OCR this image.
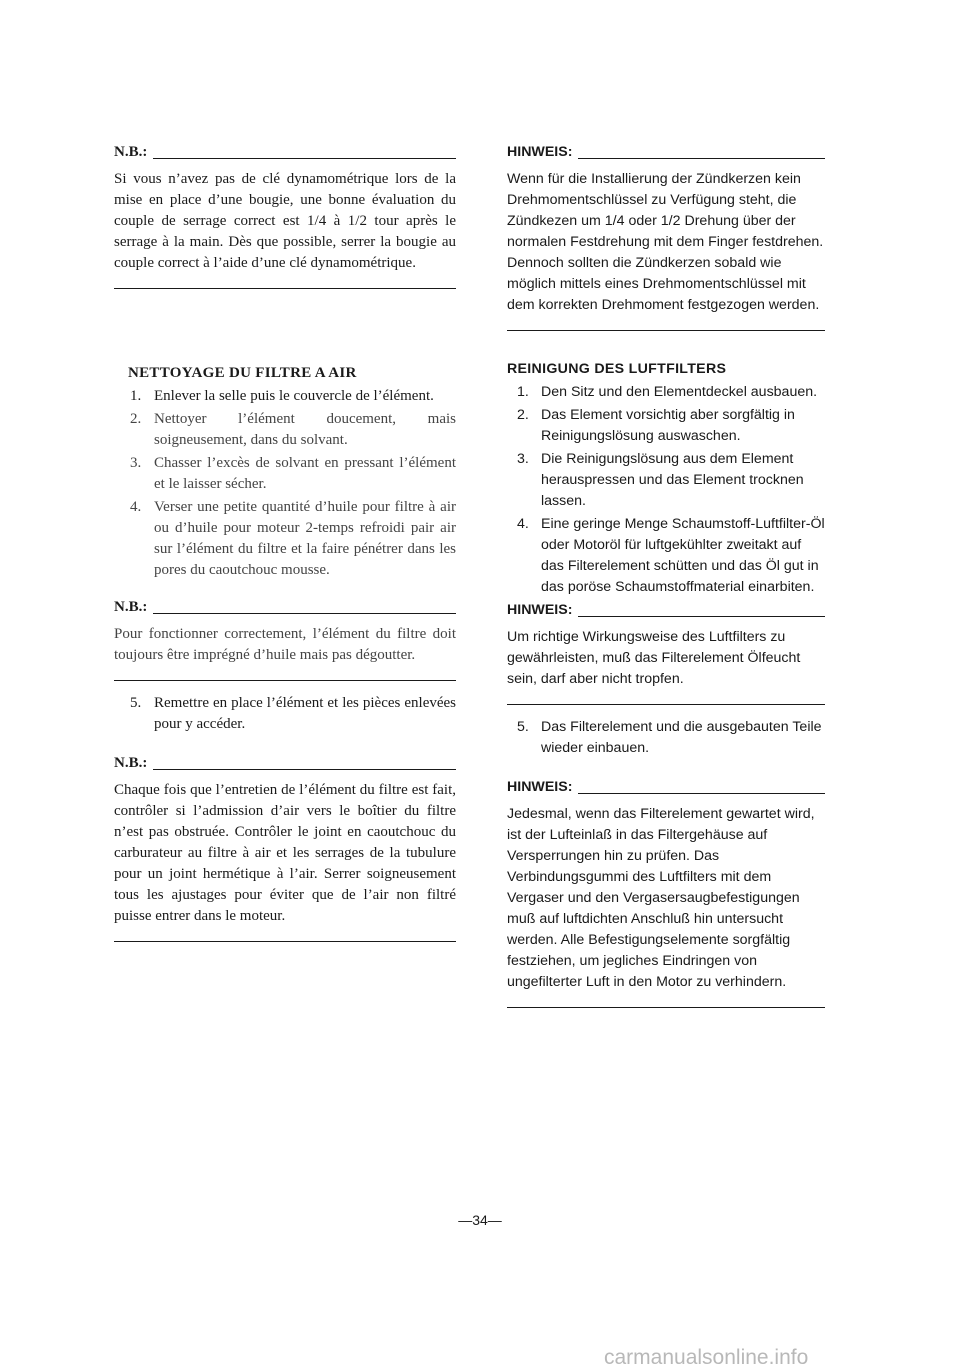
N.B.:

Si vous n’avez pas de clé dynamométrique lors de la mise en place d’une bougie, une bonne évaluation du couple de serrage correct est 1/4 à 1/2 tour après le serrage à la main. Dès que possible, serrer la bougie au couple correct à l’aide d’une clé dynamométrique.

NETTOYAGE DU FILTRE A AIR
1. Enlever la selle puis le couvercle de l’élément.
2. Nettoyer l’élément doucement, mais soigneusement, dans du solvant.
3. Chasser l’excès de solvant en pressant l’élément et le laisser sécher.
4. Verser une petite quantité d’huile pour filtre à air ou d’huile pour moteur 2-temps refroidi pair air sur l’élément du filtre et la faire pénétrer dans les pores du caoutchouc mousse.
N.B.:

Pour fonctionner correctement, l’élément du filtre doit toujours être imprégné d’huile mais pas dégoutter.

5. Remettre en place l’élément et les pièces enlevées pour y accéder.
N.B.:

Chaque fois que l’entretien de l’élément du filtre est fait, contrôler si l’admission d’air vers le boîtier du filtre n’est pas obstruée. Contrôler le joint en caoutchouc du carburateur au filtre à air et les serrages de la tubulure pour un joint hermétique à l’air. Serrer soigneusement tous les ajustages pour éviter que de l’air non filtré puisse entrer dans le moteur.

HINWEIS:

Wenn für die Installierung der Zündkerzen kein Drehmomentschlüssel zu Verfügung steht, die Zündkezen um 1/4 oder 1/2 Drehung über der normalen Festdrehung mit dem Finger festdrehen. Dennoch sollten die Zündkerzen sobald wie möglich mittels eines Drehmomentschlüssel mit dem korrekten Drehmoment festgezogen werden.

REINIGUNG DES LUFTFILTERS
1. Den Sitz und den Elementdeckel ausbauen.
2. Das Element vorsichtig aber sorgfältig in Reinigungslösung auswaschen.
3. Die Reinigungslösung aus dem Element herauspressen und das Element trocknen lassen.
4. Eine geringe Menge Schaumstoff-Luftfilter-Öl oder Motoröl für luftgekühlter zweitakt auf das Filterelement schütten und das Öl gut in das poröse Schaumstoffmaterial einarbiten.
HINWEIS:

Um richtige Wirkungsweise des Luftfilters zu gewährleisten, muß das Filterelement Ölfeucht sein, darf aber nicht tropfen.

5. Das Filterelement und die ausgebauten Teile wieder einbauen.
HINWEIS:

Jedesmal, wenn das Filterelement gewartet wird, ist der Lufteinlaß in das Filtergehäuse auf Versperrungen hin zu prüfen. Das Verbindungsgummi des Luftfilters mit dem Vergaser und den Vergasersaugbefestigungen muß auf luftdichten Anschluß hin untersucht werden. Alle Befestigungselemente sorgfältig festziehen, um jegliches Eindringen von ungefilterter Luft in den Motor zu verhindern.

—34—
carmanualsonline.info
